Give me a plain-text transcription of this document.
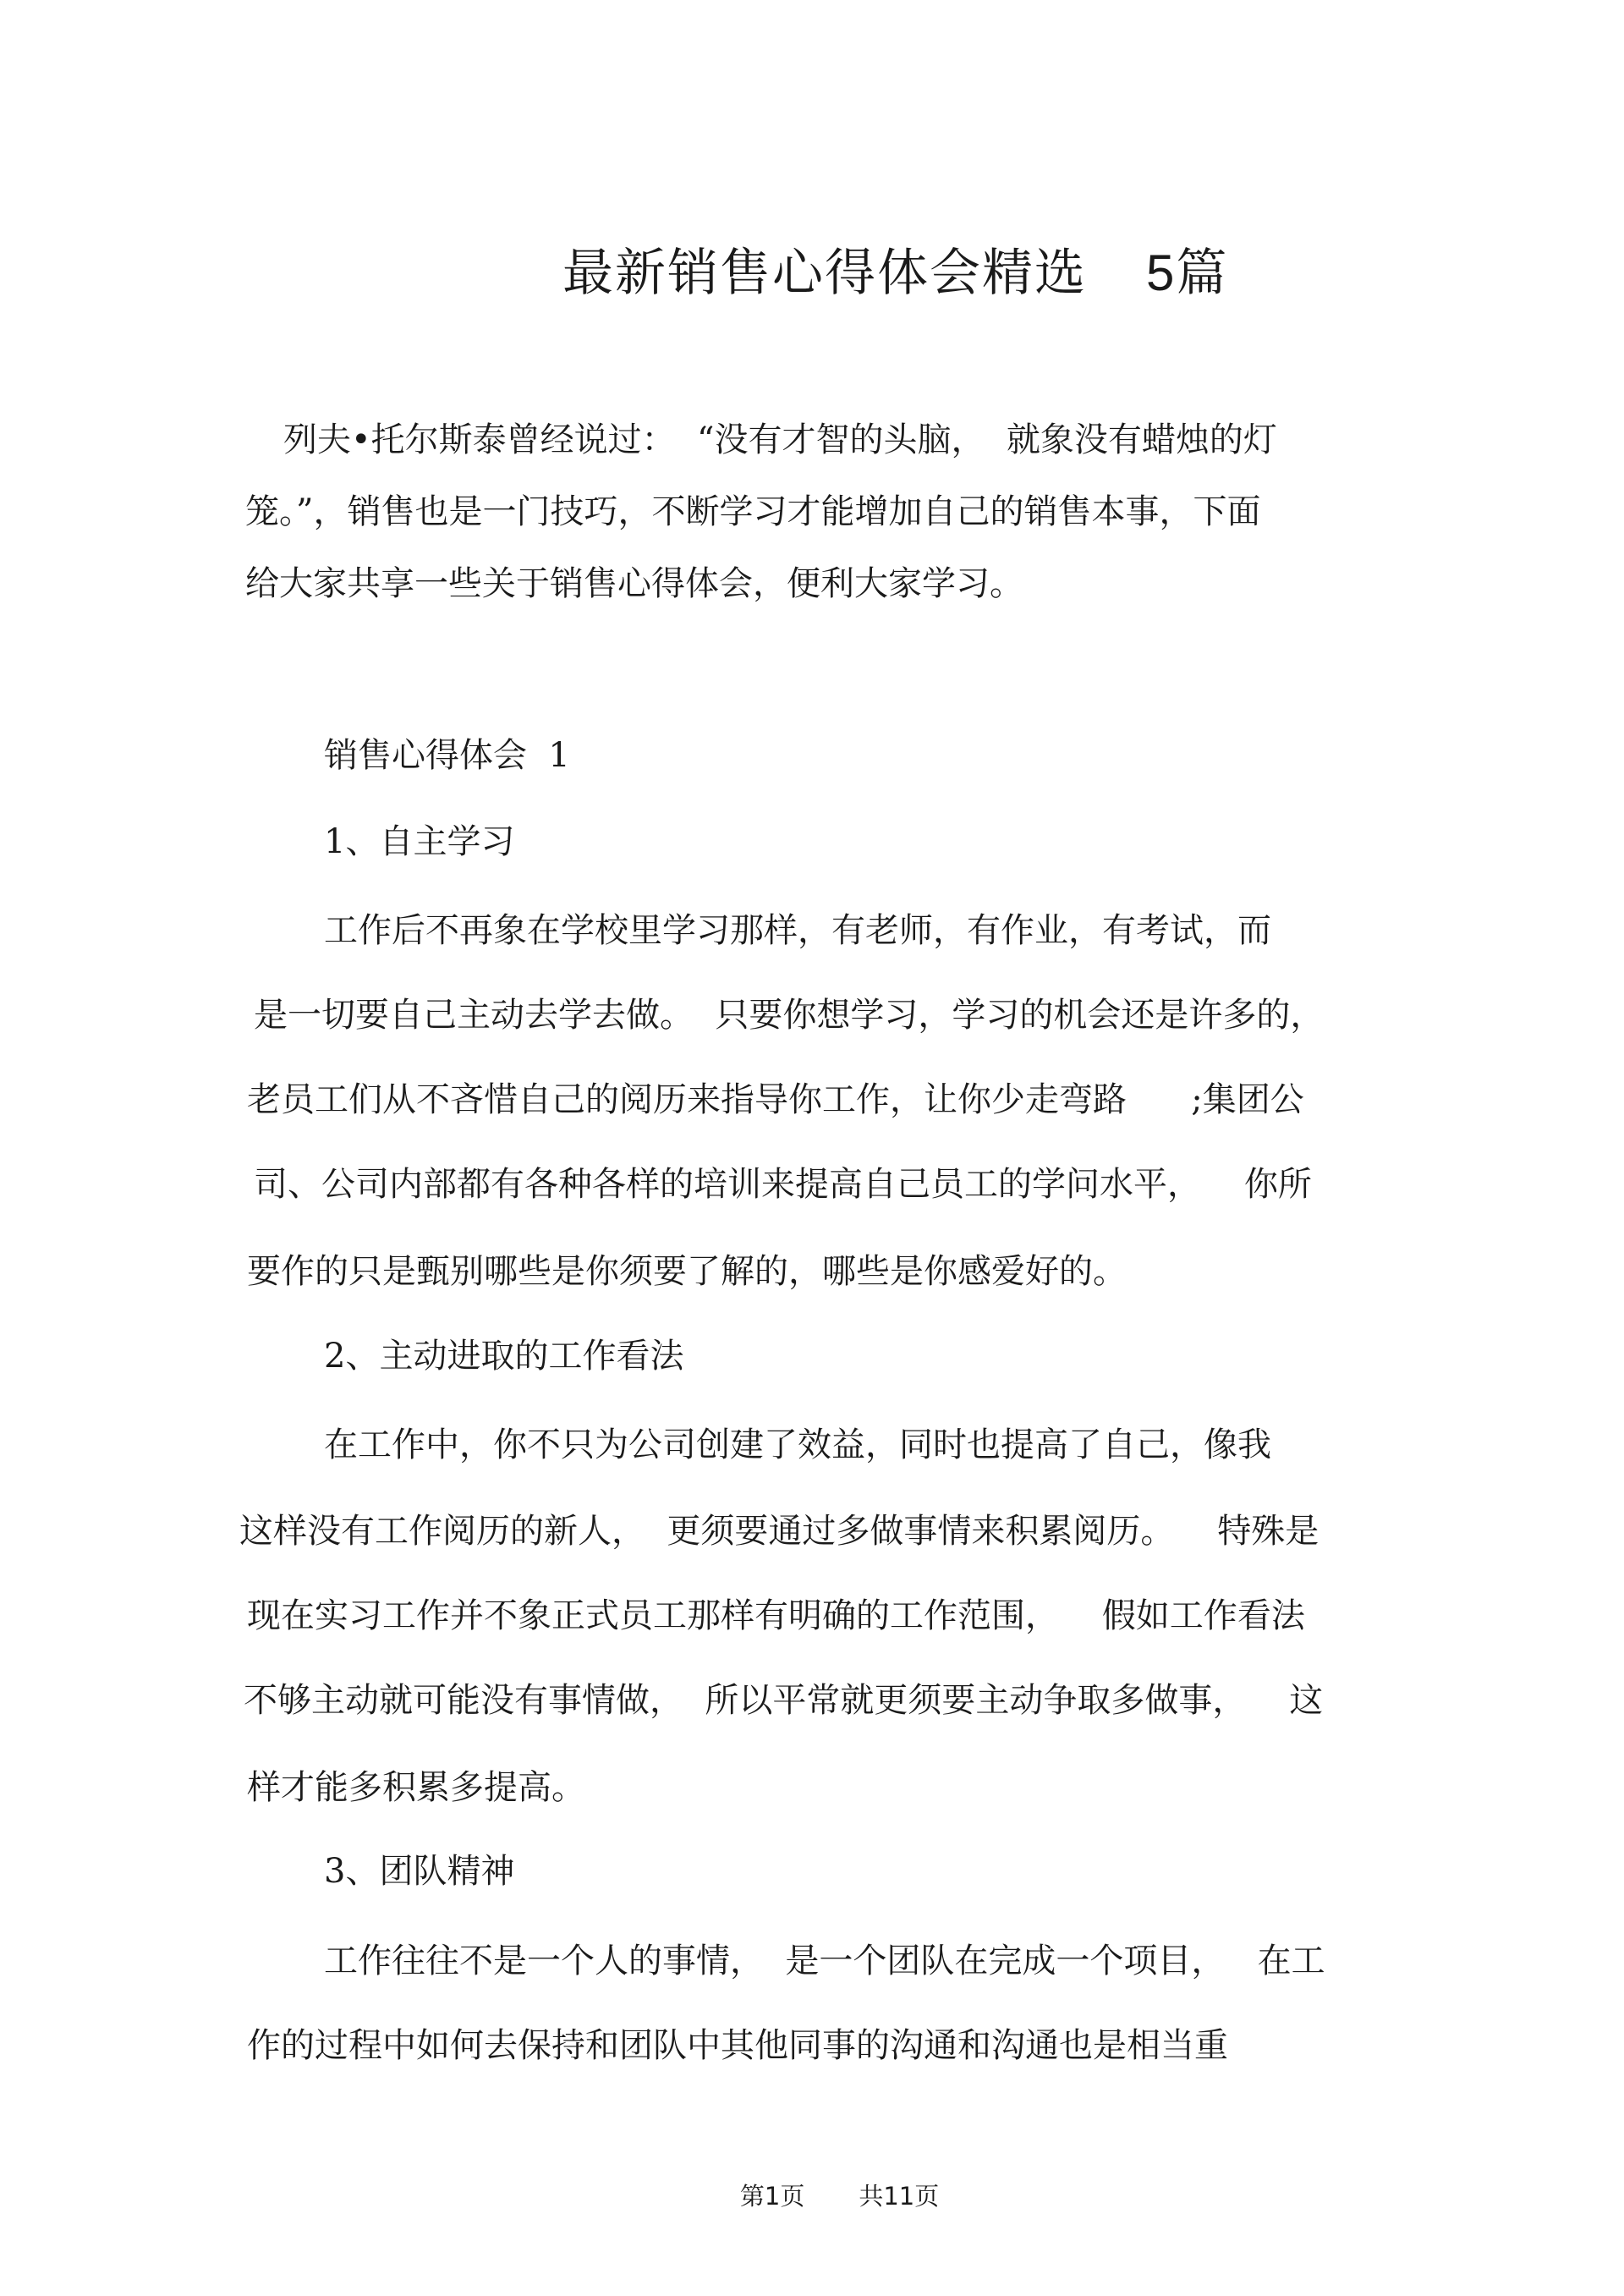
最新销售心得体会精选 5篇
列夫•托尔斯泰曾经说过：  “没有才智的头脑，  就象没有蜡烛的灯
笼。”，销售也是一门技巧，不断学习才能增加自己的销售本事，下面
给大家共享一些关于销售心得体会，便利大家学习。
销售心得体会  1
1、自主学习
工作后不再象在学校里学习那样，有老师，有作业，有考试，而
是一切要自己主动去学去做。  只要你想学习，学习的机会还是许多的，
老员工们从不吝惜自己的阅历来指导你工作，让你少走弯路      ;集团公
司、公司内部都有各种各样的培训来提高自己员工的学问水平，    你所
要作的只是甄别哪些是你须要了解的，哪些是你感爱好的。
2、主动进取的工作看法
在工作中，你不只为公司创建了效益，同时也提高了自己，像我
这样没有工作阅历的新人，  更须要通过多做事情来积累阅历。    特殊是
现在实习工作并不象正式员工那样有明确的工作范围，    假如工作看法
不够主动就可能没有事情做，  所以平常就更须要主动争取多做事，    这
样才能多积累多提高。
3、团队精神
工作往往不是一个人的事情，  是一个团队在完成一个项目，   在工
作的过程中如何去保持和团队中其他同事的沟通和沟通也是相当重

第1页 共11页
